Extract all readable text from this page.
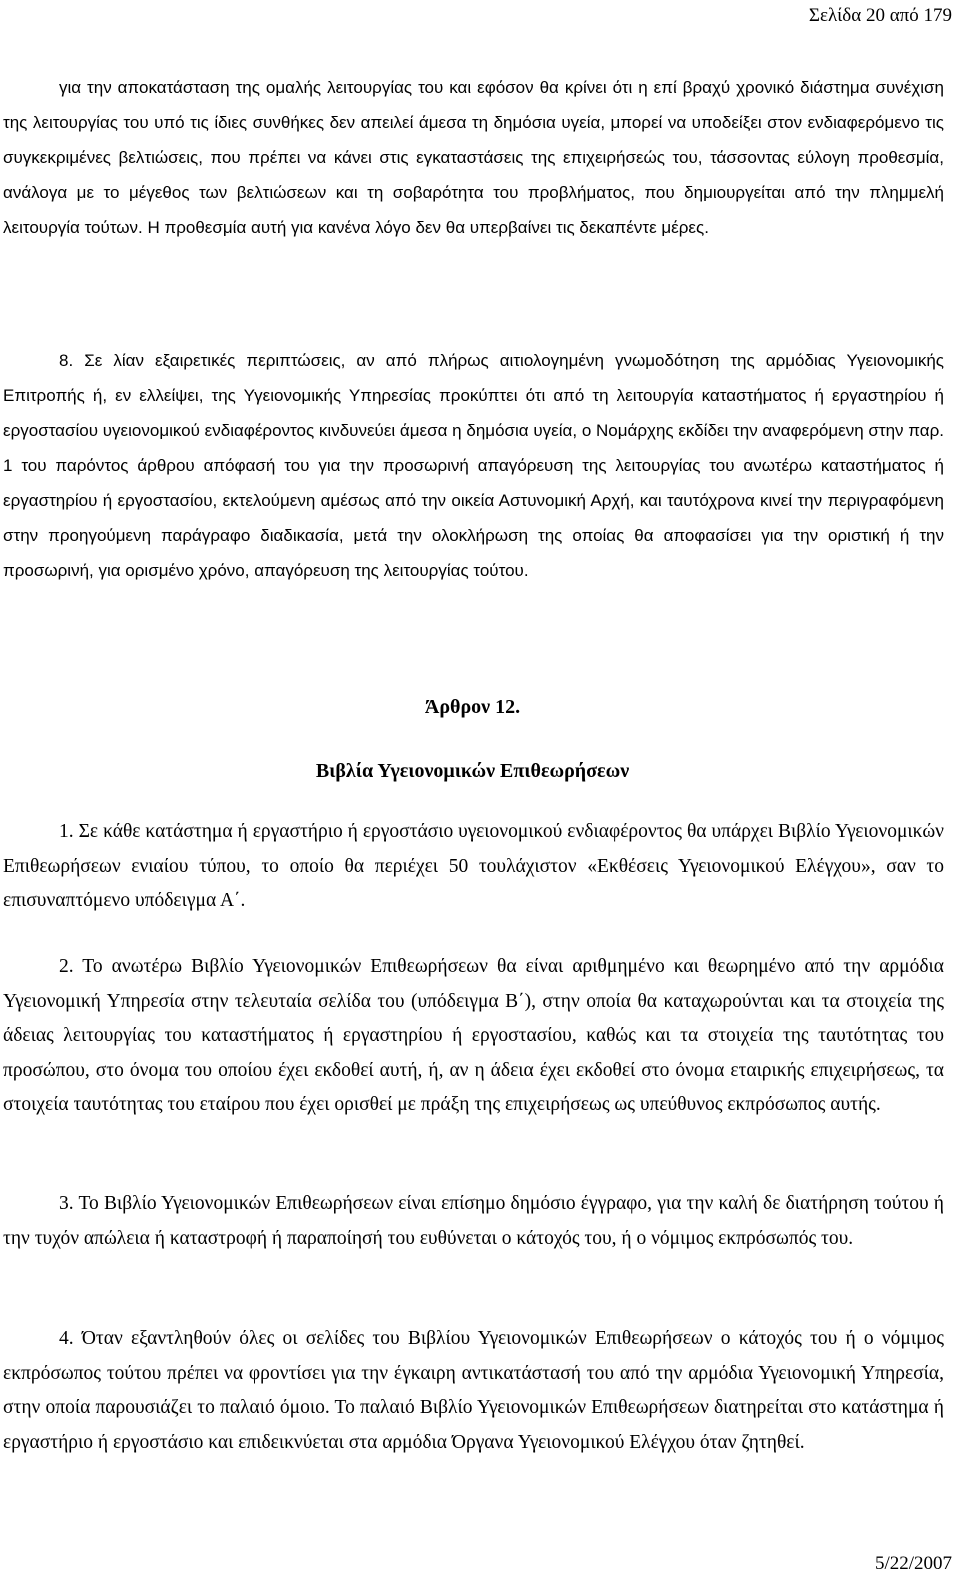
Σελίδα 20 από 179

για την αποκατάσταση της ομαλής λειτουργίας του και εφόσον θα κρίνει ότι η επί βραχύ χρονικό διάστημα συνέχιση της λειτουργίας του υπό τις ίδιες συνθήκες δεν απειλεί άμεσα τη δημόσια υγεία, μπορεί να υποδείξει στον ενδιαφερόμενο τις συγκεκριμένες βελτιώσεις, που πρέπει να κάνει στις εγκαταστάσεις της επιχειρήσεώς του, τάσσοντας εύλογη προθεσμία, ανάλογα με το μέγεθος των βελτιώσεων και τη σοβαρότητα του προβλήματος, που δημιουργείται από την πλημμελή λειτουργία τούτων. Η προθεσμία αυτή για κανένα λόγο δεν θα υπερβαίνει τις δεκαπέντε μέρες.

8. Σε λίαν εξαιρετικές περιπτώσεις, αν από πλήρως αιτιολογημένη γνωμοδότηση της αρμόδιας Υγειονομικής Επιτροπής ή, εν ελλείψει, της Υγειονομικής Υπηρεσίας προκύπτει ότι από τη λειτουργία καταστήματος ή εργαστηρίου ή εργοστασίου υγειονομικού ενδιαφέροντος κινδυνεύει άμεσα η δημόσια υγεία, ο Νομάρχης εκδίδει την αναφερόμενη στην παρ. 1 του παρόντος άρθρου απόφασή του για την προσωρινή απαγόρευση της λειτουργίας του ανωτέρω καταστήματος ή εργαστηρίου ή εργοστασίου, εκτελούμενη αμέσως από την οικεία Αστυνομική Αρχή, και ταυτόχρονα κινεί την περιγραφόμενη στην προηγούμενη παράγραφο διαδικασία, μετά την ολοκλήρωση της οποίας θα αποφασίσει για την οριστική ή την προσωρινή, για ορισμένο χρόνο, απαγόρευση της λειτουργίας τούτου.

Άρθρον 12.
Βιβλία Υγειονομικών Επιθεωρήσεων

1. Σε κάθε κατάστημα ή εργαστήριο ή εργοστάσιο υγειονομικού ενδιαφέροντος θα υπάρχει Βιβλίο Υγειονομικών Επιθεωρήσεων ενιαίου τύπου, το οποίο θα περιέχει 50 τουλάχιστον «Εκθέσεις Υγειονομικού Ελέγχου», σαν το επισυναπτόμενο υπόδειγμα Α΄.

2. Το ανωτέρω Βιβλίο Υγειονομικών Επιθεωρήσεων θα είναι αριθμημένο και θεωρημένο από την αρμόδια Υγειονομική Υπηρεσία στην τελευταία σελίδα του (υπόδειγμα Β΄), στην οποία θα καταχωρούνται και τα στοιχεία της άδειας λειτουργίας του καταστήματος ή εργαστηρίου ή εργοστασίου, καθώς και τα στοιχεία της ταυτότητας του προσώπου, στο όνομα του οποίου έχει εκδοθεί αυτή, ή, αν η άδεια έχει εκδοθεί στο όνομα εταιρικής επιχειρήσεως, τα στοιχεία ταυτότητας του εταίρου που έχει ορισθεί με πράξη της επιχειρήσεως ως υπεύθυνος εκπρόσωπος αυτής.

3. Το Βιβλίο Υγειονομικών Επιθεωρήσεων είναι επίσημο δημόσιο έγγραφο, για την καλή δε διατήρηση τούτου ή την τυχόν απώλεια ή καταστροφή ή παραποίησή του ευθύνεται ο κάτοχός του, ή ο νόμιμος εκπρόσωπός του.

4. Όταν εξαντληθούν όλες οι σελίδες του Βιβλίου Υγειονομικών Επιθεωρήσεων ο κάτοχός του ή ο νόμιμος εκπρόσωπος τούτου πρέπει να φροντίσει για την έγκαιρη αντικατάστασή του από την αρμόδια Υγειονομική Υπηρεσία, στην οποία παρουσιάζει το παλαιό όμοιο. Το παλαιό Βιβλίο Υγειονομικών Επιθεωρήσεων διατηρείται στο κατάστημα ή εργαστήριο ή εργοστάσιο και επιδεικνύεται στα αρμόδια Όργανα Υγειονομικού Ελέγχου όταν ζητηθεί.

5/22/2007
